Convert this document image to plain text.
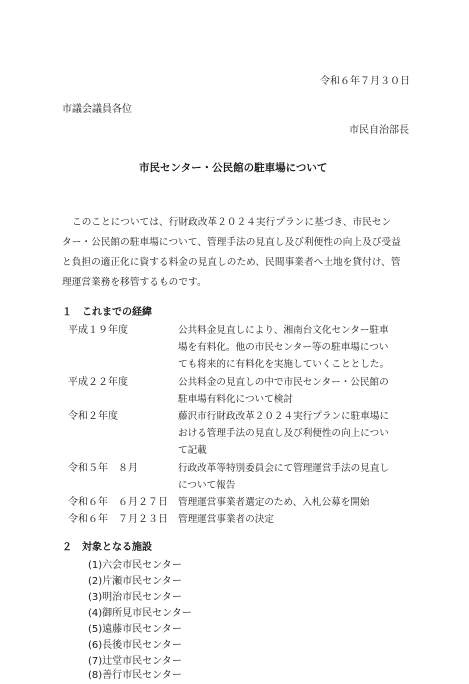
令和６年７月３０日
市議会議員各位
市民自治部長
市民センター・公民館の駐車場について
このことについては、行財政改革２０２４実行プランに基づき、市民セン
ター・公民館の駐車場について、管理手法の見直し及び利便性の向上及び受益
と負担の適正化に資する料金の見直しのため、民間事業者へ土地を貸付け、管
理運営業務を移管するものです。
１　これまでの経緯
平成１９年度	公共料金見直しにより、湘南台文化センター駐車
場を有料化。他の市民センター等の駐車場につい
ても将来的に有料化を実施していくこととした。
平成２２年度	公共料金の見直しの中で市民センター・公民館の
駐車場有料化について検討
令和２年度	藤沢市行財政改革２０２４実行プランに駐車場に
おける管理手法の見直し及び利便性の向上につい
て記載
令和５年　８月	行政改革等特別委員会にて管理運営手法の見直し
について報告
令和６年　６月２７日 管理運営事業者選定のため、入札公募を開始
令和６年　７月２３日 管理運営事業者の決定
２　対象となる施設
(1)六会市民センター
(2)片瀬市民センター
(3)明治市民センター
(4)御所見市民センター
(5)遠藤市民センター
(6)長後市民センター
(7)辻堂市民センター
(8)善行市民センター
